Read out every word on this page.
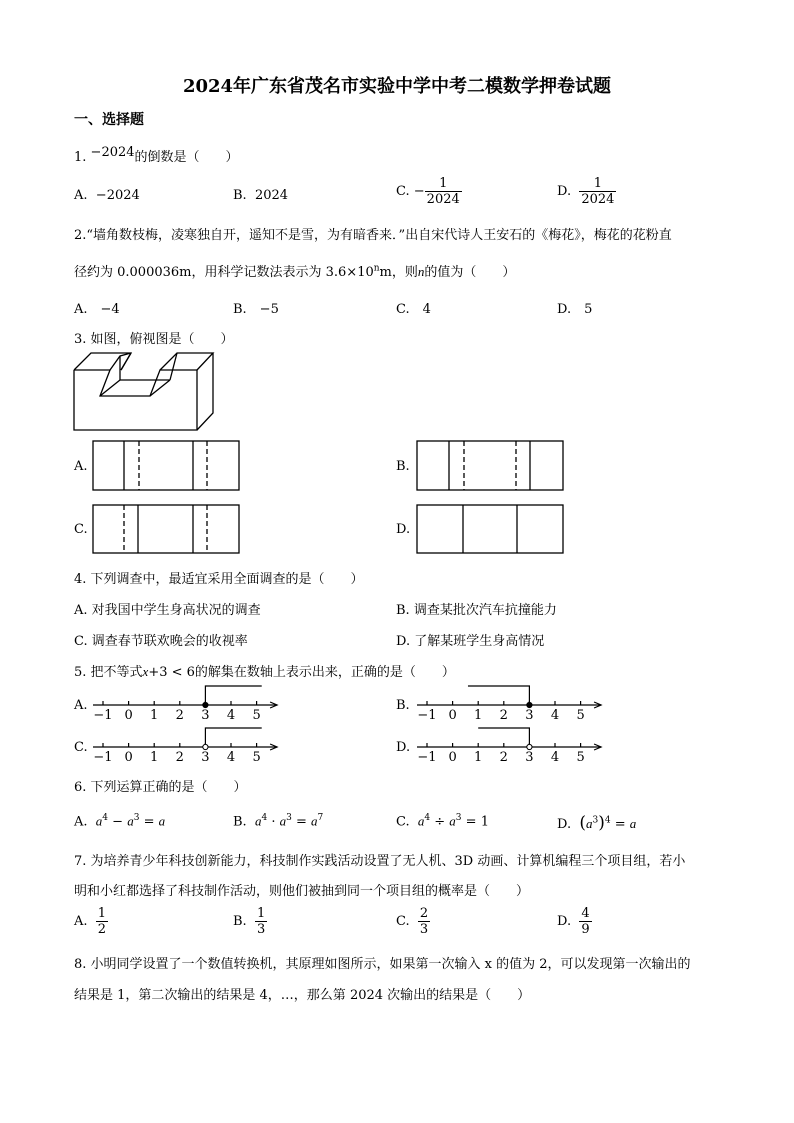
2024年广东省茂名市实验中学中考二模数学押卷试题
一、选择题
1. −2024的倒数是（　　）
A. −2024	B. 2024	C. − $\frac{1}{2024}$	D. $\frac{1}{2024}$
2.“墙角数枝梅，凌寒独自开，遥知不是雪，为有暗香来．”出自宋代诗人王安石的《梅花》，梅花的花粉直
径约为 0.000036m，用科学记数法表示为 $3.6\times 10^nm$，则n的值为（　　）
A.　−4	B.　−5	C.　4	D.　5
3. 如图，俯视图是（　　）
A.	B.
C.	D.
4. 下列调查中，最适宜采用全面调查的是（　　）
A. 对我国中学生身高状况的调查	B. 调查某批次汽车抗撞能力
C. 调查春节联欢晚会的收视率	D. 了解某班学生身高情况
5. 把不等式x+3 < 6的解集在数轴上表示出来，正确的是（　　）
A.	B.
C.	D.
−1 0 1 2 3 4 5	−1 0 1 2 3 4 5
−1 0 1 2 3 4 5	−1 0 1 2 3 4 5
6. 下列运算正确的是（　　）
A. $a^4 - a^3 = a$	B. $a^4 \cdot a^3 = a^7$	C. $a^4 \div a^3 = 1$	D. $(a^3)^4 = a$
7. 为培养青少年科技创新能力，科技制作实践活动设置了无人机、3D 动画、计算机编程三个项目组，若小
明和小红都选择了科技制作活动，则他们被抽到同一个项目组的概率是（　　）
A. $\frac{1}{2}$	B. $\frac{1}{3}$	C. $\frac{2}{3}$	D. $\frac{4}{9}$
8. 小明同学设置了一个数值转换机，其原理如图所示，如果第一次输入 x 的值为 2，可以发现第一次输出的
结果是 1，第二次输出的结果是 4，…，那么第 2024 次输出的结果是（　　）
